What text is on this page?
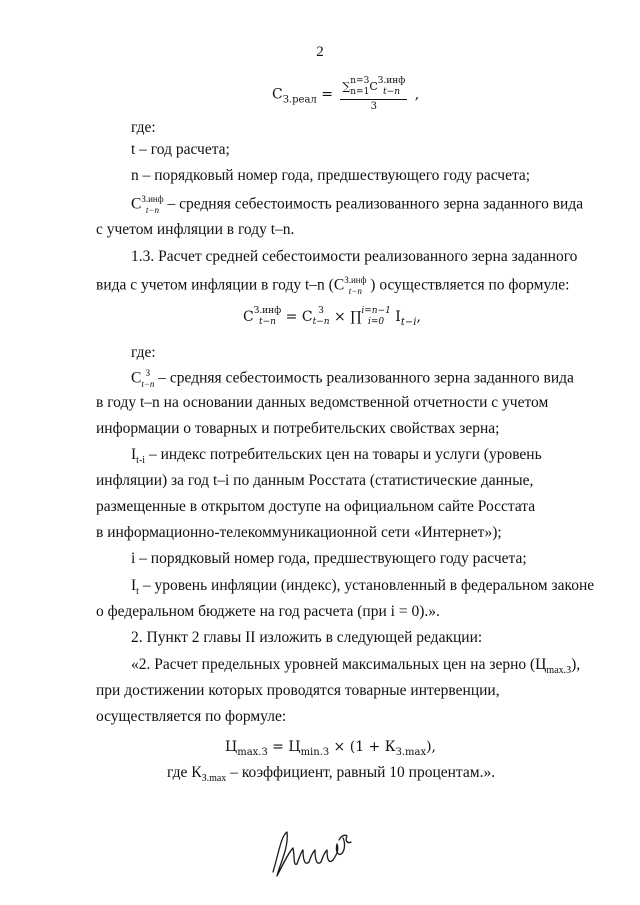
2
$С_{З.реал}$ = ∑ n=3
n=1 С З.инф
t−n
3 ,
где:
t – год расчета;
n – порядковый номер года, предшествующего году расчета;
С З.инф
t−n – средняя себестоимость реализованного зерна заданного вида
с учетом инфляции в году t–n.
1.3. Расчет средней себестоимости реализованного зерна заданного
вида с учетом инфляции в году t–n (С З.инф
t−n ) осуществляется по формуле:
С З.инф
t−n = С З
t−n × ∏ i=n−1
i=0 $I_{t-i}$,
где:
С З
t−n – средняя себестоимость реализованного зерна заданного вида
в году t–n на основании данных ведомственной отчетности с учетом
информации о товарных и потребительских свойствах зерна;
$I_{t-i}$ – индекс потребительских цен на товары и услуги (уровень
инфляции) за год t–i по данным Росстата (статистические данные,
размещенные в открытом доступе на официальном сайте Росстата
в информационно-телекоммуникационной сети «Интернет»);
i – порядковый номер года, предшествующего году расчета;
$I_t$ – уровень инфляции (индекс), установленный в федеральном законе
о федеральном бюджете на год расчета (при i = 0).».
2. Пункт 2 главы II изложить в следующей редакции:
«2. Расчет предельных уровней максимальных цен на зерно $(Ц_{max.З})$,
при достижении которых проводятся товарные интервенции,
осуществляется по формуле:
$Ц_{max.З} = Ц_{min.З} \times (1 + К_{З.max})$,
где $К_{З.max}$ – коэффициент, равный 10 процентам.».
